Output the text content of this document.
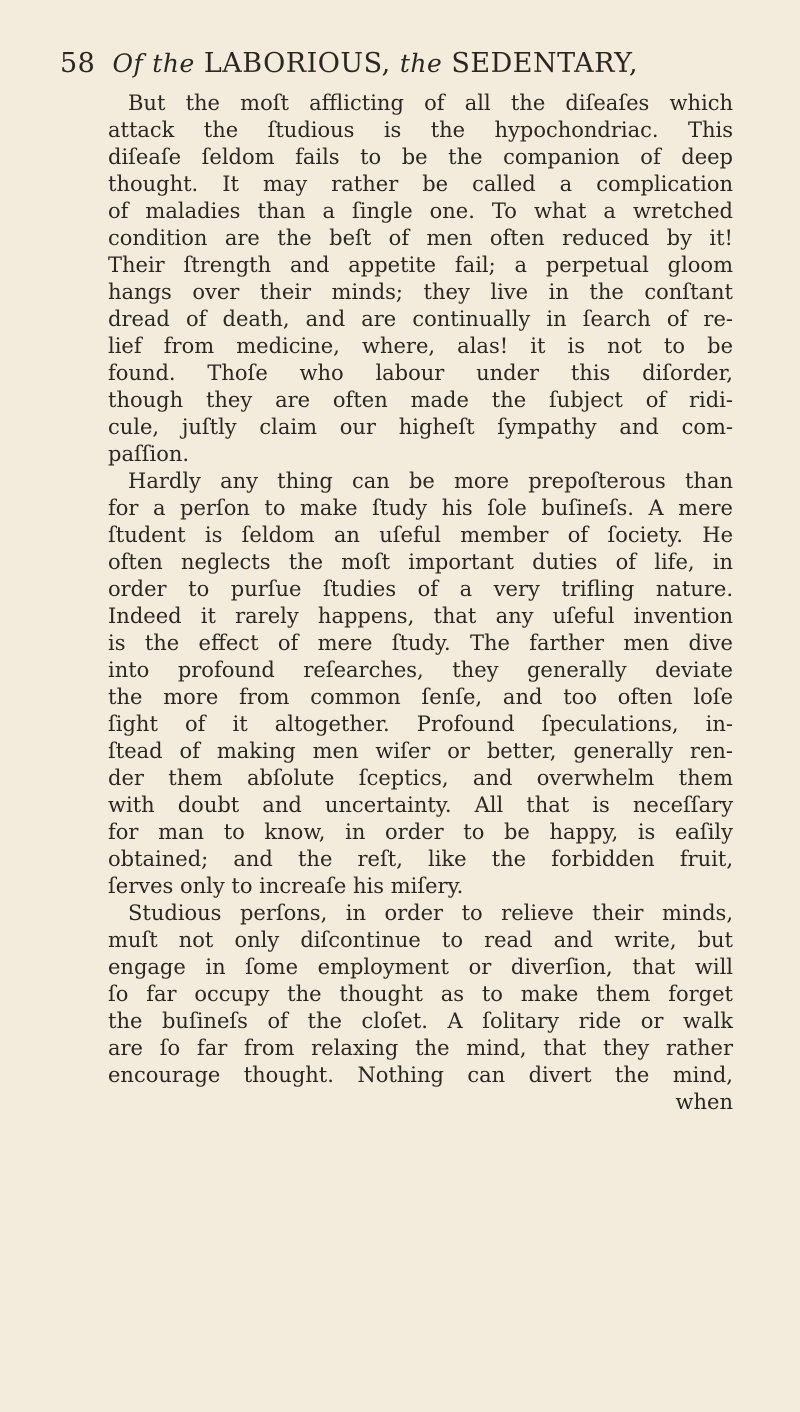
58 Of the LABORIOUS, the SEDENTARY,
But the moſt afflicting of all the diſeaſes which
attack the ſtudious is the hypochondriac. This
diſeaſe ſeldom fails to be the companion of deep
thought. It may rather be called a complication
of maladies than a ſingle one. To what a wretched
condition are the beſt of men often reduced by it!
Their ſtrength and appetite fail; a perpetual gloom
hangs over their minds; they live in the conſtant
dread of death, and are continually in ſearch of re-
lief from medicine, where, alas! it is not to be
found. Thoſe who labour under this diſorder,
though they are often made the ſubject of ridi-
cule, juſtly claim our higheſt ſympathy and com-
paſſion.
Hardly any thing can be more prepoſterous than
for a perſon to make ſtudy his ſole buſineſs. A mere
ſtudent is ſeldom an uſeful member of ſociety. He
often neglects the moſt important duties of life, in
order to purſue ſtudies of a very trifling nature.
Indeed it rarely happens, that any uſeful invention
is the effect of mere ſtudy. The farther men dive
into profound reſearches, they generally deviate
the more from common ſenſe, and too often loſe
ſight of it altogether. Profound ſpeculations, in-
ſtead of making men wiſer or better, generally ren-
der them abſolute ſceptics, and overwhelm them
with doubt and uncertainty. All that is neceſſary
for man to know, in order to be happy, is eaſily
obtained; and the reſt, like the forbidden fruit,
ſerves only to increaſe his miſery.
Studious perſons, in order to relieve their minds,
muſt not only diſcontinue to read and write, but
engage in ſome employment or diverſion, that will
ſo far occupy the thought as to make them forget
the buſineſs of the cloſet. A ſolitary ride or walk
are ſo far from relaxing the mind, that they rather
encourage thought. Nothing can divert the mind,
when
